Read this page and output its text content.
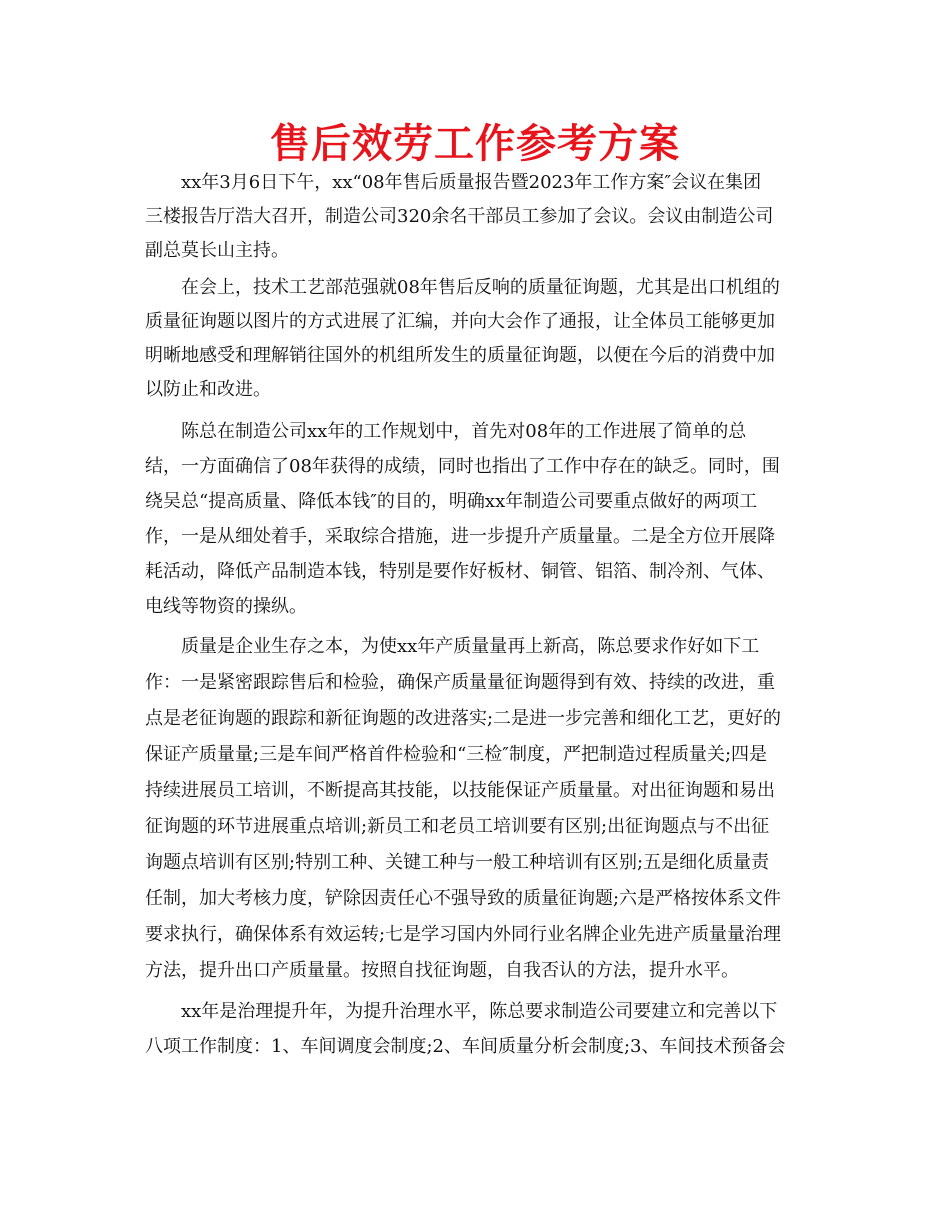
售后效劳工作参考方案

xx年3月6日下午，xx“08年售后质量报告暨2023年工作方案″会议在集团

三楼报告厅浩大召开，制造公司320余名干部员工参加了会议。会议由制造公司

副总莫长山主持。

在会上，技术工艺部范强就08年售后反响的质量征询题，尤其是出口机组的

质量征询题以图片的方式进展了汇编，并向大会作了通报，让全体员工能够更加

明晰地感受和理解销往国外的机组所发生的质量征询题，以便在今后的消费中加

以防止和改进。

陈总在制造公司xx年的工作规划中，首先对08年的工作进展了简单的总

结，一方面确信了08年获得的成绩，同时也指出了工作中存在的缺乏。同时，围

绕吴总“提高质量、降低本钱″的目的，明确xx年制造公司要重点做好的两项工

作，一是从细处着手，采取综合措施，进一步提升产质量量。二是全方位开展降

耗活动，降低产品制造本钱，特别是要作好板材、铜管、铝箔、制冷剂、气体、

电线等物资的操纵。

质量是企业生存之本，为使xx年产质量量再上新高，陈总要求作好如下工

作：一是紧密跟踪售后和检验，确保产质量量征询题得到有效、持续的改进，重

点是老征询题的跟踪和新征询题的改进落实;二是进一步完善和细化工艺，更好的

保证产质量量;三是车间严格首件检验和“三检″制度，严把制造过程质量关;四是

持续进展员工培训，不断提高其技能，以技能保证产质量量。对出征询题和易出

征询题的环节进展重点培训;新员工和老员工培训要有区别;出征询题点与不出征

询题点培训有区别;特别工种、关键工种与一般工种培训有区别;五是细化质量责

任制，加大考核力度，铲除因责任心不强导致的质量征询题;六是严格按体系文件

要求执行，确保体系有效运转;七是学习国内外同行业名牌企业先进产质量量治理

方法，提升出口产质量量。按照自找征询题，自我否认的方法，提升水平。

xx年是治理提升年，为提升治理水平，陈总要求制造公司要建立和完善以下

八项工作制度：1、车间调度会制度;2、车间质量分析会制度;3、车间技术预备会
